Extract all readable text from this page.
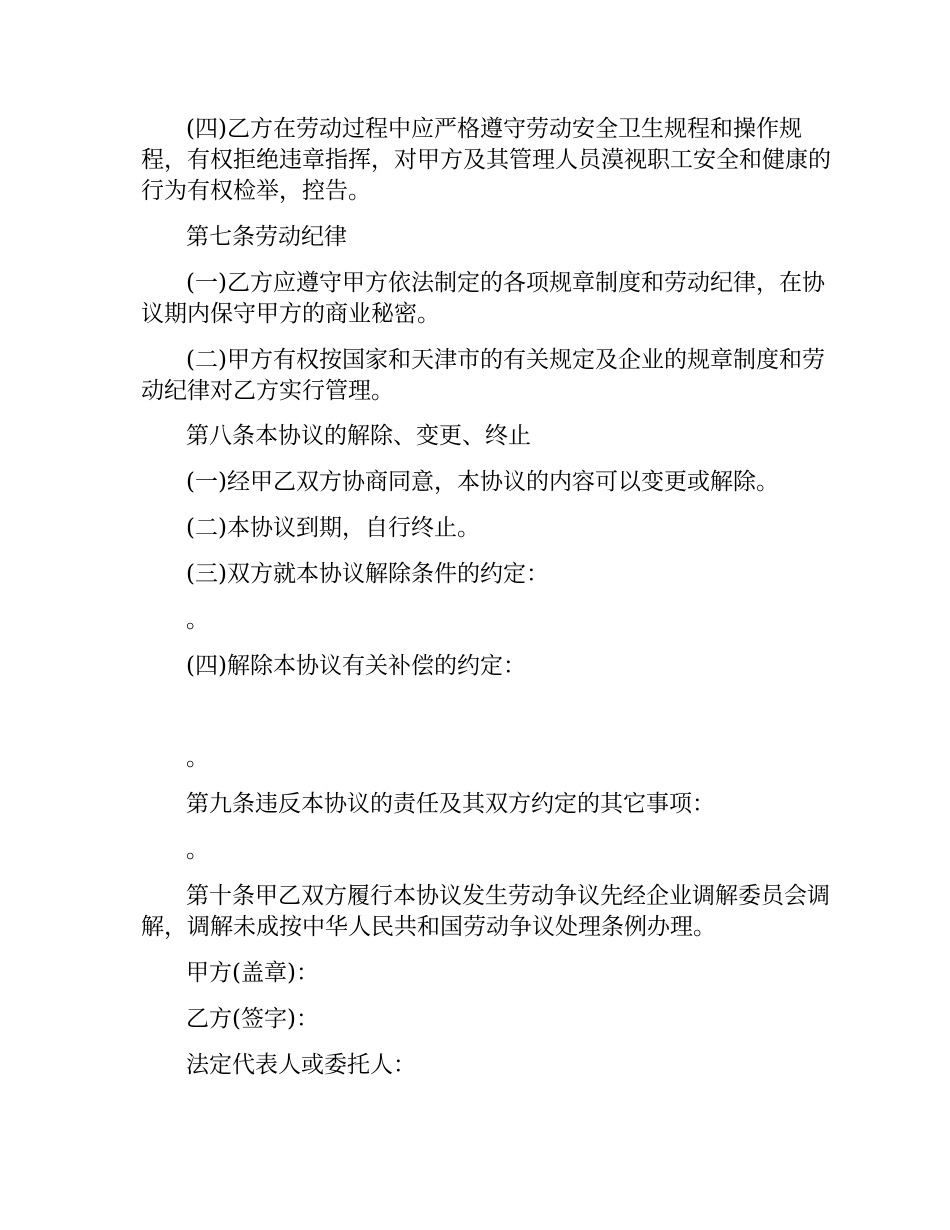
(四)乙方在劳动过程中应严格遵守劳动安全卫生规程和操作规程，有权拒绝违章指挥，对甲方及其管理人员漠视职工安全和健康的行为有权检举，控告。

第七条劳动纪律

(一)乙方应遵守甲方依法制定的各项规章制度和劳动纪律，在协议期内保守甲方的商业秘密。

(二)甲方有权按国家和天津市的有关规定及企业的规章制度和劳动纪律对乙方实行管理。

第八条本协议的解除、变更、终止

(一)经甲乙双方协商同意，本协议的内容可以变更或解除。

(二)本协议到期，自行终止。

(三)双方就本协议解除条件的约定：

。

(四)解除本协议有关补偿的约定：

。

第九条违反本协议的责任及其双方约定的其它事项：

。

第十条甲乙双方履行本协议发生劳动争议先经企业调解委员会调解，调解未成按中华人民共和国劳动争议处理条例办理。

甲方(盖章)：

乙方(签字)：

法定代表人或委托人：
